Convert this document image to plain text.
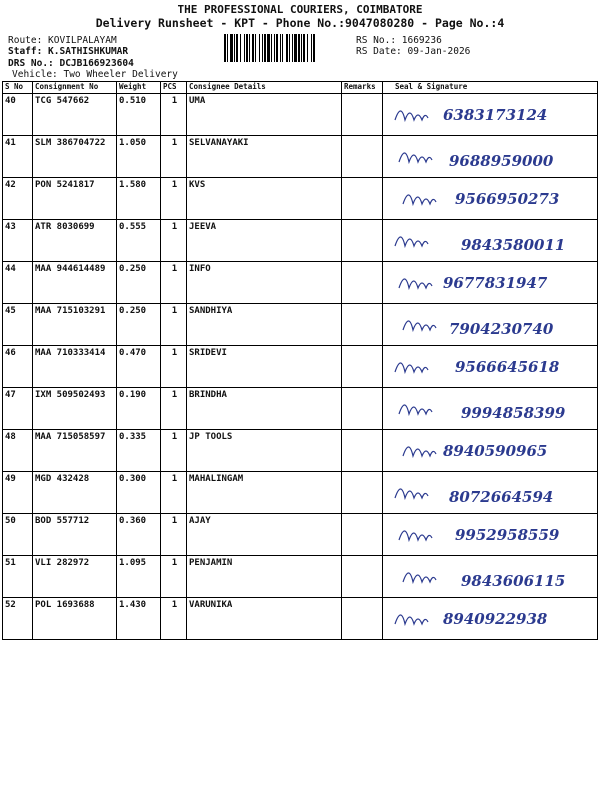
THE PROFESSIONAL COURIERS, COIMBATORE
Delivery Runsheet - KPT - Phone No.:9047080280 - Page No.:4
Route: KOVILPALAYAM
Staff: K.SATHISHKUMAR
DRS No.: DCJB166923604
Vehicle: Two Wheeler Delivery
RS No.: 1669236
RS Date: 09-Jan-2026
S No	Consignment No	Weight	PCS	Consignee Details	Remarks	Seal & Signature
40	TCG 547662	0.510	1	UMA		6383173124

41	SLM 386704722	1.050	1	SELVANAYAKI		9688959000

42	PON 5241817	1.580	1	KVS		9566950273

43	ATR 8030699	0.555	1	JEEVA		9843580011

44	MAA 944614489	0.250	1	INFO		9677831947

45	MAA 715103291	0.250	1	SANDHIYA		7904230740

46	MAA 710333414	0.470	1	SRIDEVI		9566645618

47	IXM 509502493	0.190	1	BRINDHA		9994858399

48	MAA 715058597	0.335	1	JP TOOLS		8940590965

49	MGD 432428	0.300	1	MAHALINGAM		8072664594

50	BOD 557712	0.360	1	AJAY		9952958559

51	VLI 282972	1.095	1	PENJAMIN		9843606115

52	POL 1693688	1.430	1	VARUNIKA		8940922938
